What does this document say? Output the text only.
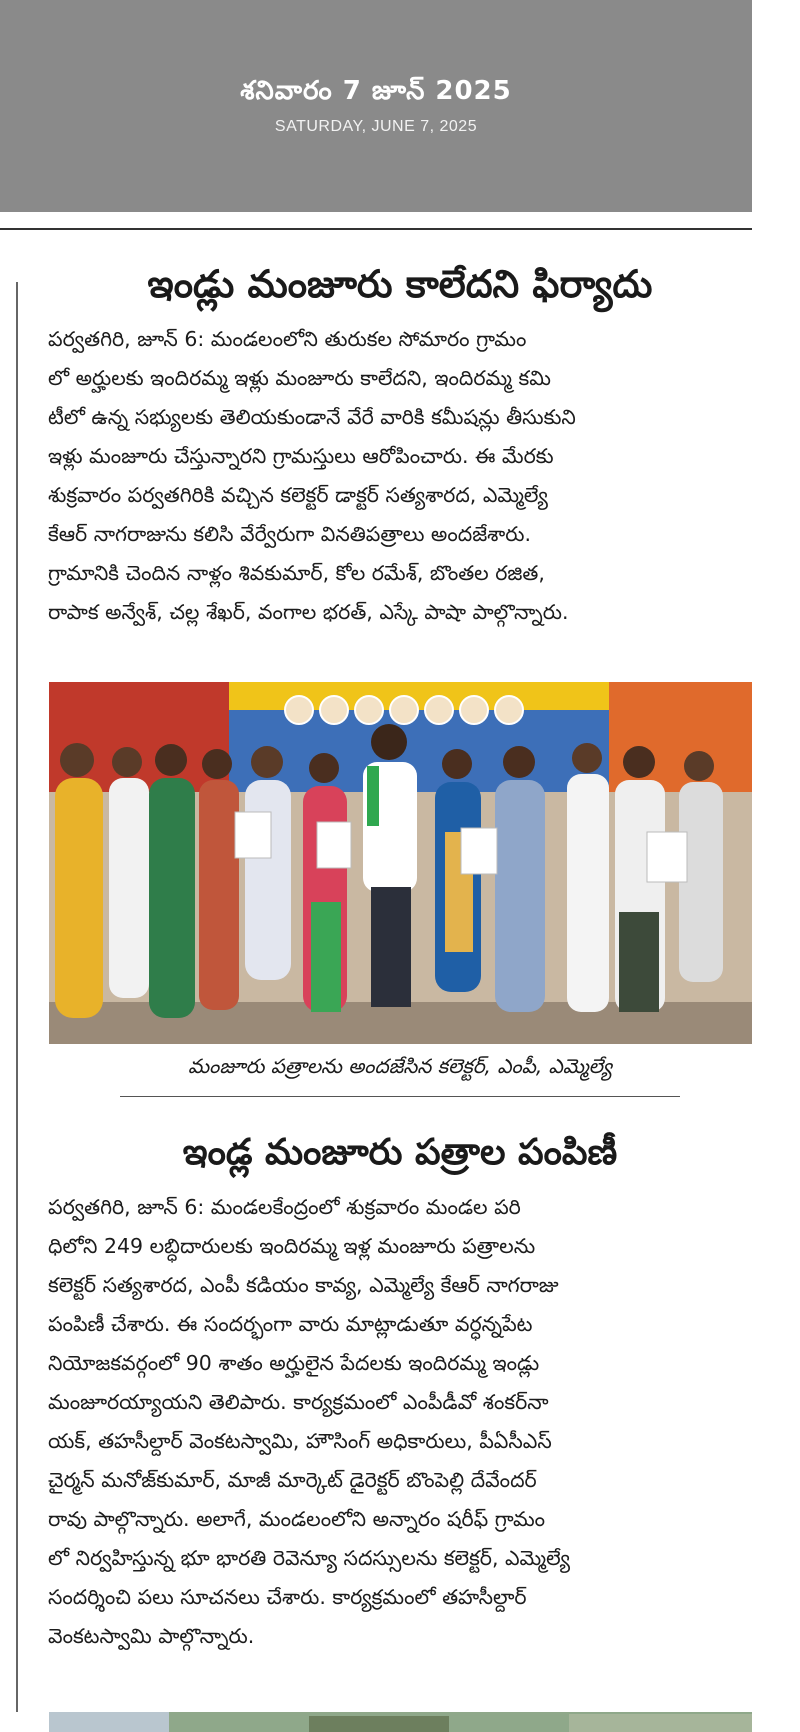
శనివారం 7 జూన్ 2025
SATURDAY, JUNE 7, 2025
ఇండ్లు మంజూరు కాలేదని ఫిర్యాదు

పర్వతగిరి, జూన్ 6: మండలంలోని తురుకల సోమారం గ్రామం

లో అర్హులకు ఇందిరమ్మ ఇళ్లు మంజూరు కాలేదని, ఇందిరమ్మ కమి

టీలో ఉన్న సభ్యులకు తెలియకుండానే వేరే వారికి కమీషన్లు తీసుకుని

ఇళ్లు మంజూరు చేస్తున్నారని గ్రామస్తులు ఆరోపించారు. ఈ మేరకు

శుక్రవారం పర్వతగిరికి వచ్చిన కలెక్టర్ డాక్టర్ సత్యశారద, ఎమ్మెల్యే

కేఆర్ నాగరాజును కలిసి వేర్వేరుగా వినతిపత్రాలు అందజేశారు.

గ్రామానికి చెందిన నాళ్లం శివకుమార్, కోల రమేశ్, బొంతల రజిత,

రాపాక అన్వేశ్, చల్ల శేఖర్, వంగాల భరత్, ఎస్కే పాషా పాల్గొన్నారు.

మంజూరు పత్రాలను అందజేసిన కలెక్టర్, ఎంపీ, ఎమ్మెల్యే
ఇండ్ల మంజూరు పత్రాల పంపిణీ

పర్వతగిరి, జూన్ 6: మండలకేంద్రంలో శుక్రవారం మండల పరి

ధిలోని 249 లబ్ధిదారులకు ఇందిరమ్మ ఇళ్ల మంజూరు పత్రాలను

కలెక్టర్ సత్యశారద, ఎంపీ కడియం కావ్య, ఎమ్మెల్యే కేఆర్ నాగరాజు

పంపిణీ చేశారు. ఈ సందర్భంగా వారు మాట్లాడుతూ వర్ధన్నపేట

నియోజకవర్గంలో 90 శాతం అర్హులైన పేదలకు ఇందిరమ్మ ఇండ్లు

మంజూరయ్యాయని తెలిపారు. కార్యక్రమంలో ఎంపీడీవో శంకర్‌నా

యక్, తహసీల్దార్ వెంకటస్వామి, హౌసింగ్ అధికారులు, పీఏసీఎస్

చైర్మన్ మనోజ్‌కుమార్, మాజీ మార్కెట్ డైరెక్టర్ బొంపెల్లి దేవేందర్

రావు పాల్గొన్నారు. అలాగే, మండలంలోని అన్నారం షరీఫ్ గ్రామం

లో నిర్వహిస్తున్న భూ భారతి రెవెన్యూ సదస్సులను కలెక్టర్, ఎమ్మెల్యే

సందర్శించి పలు సూచనలు చేశారు. కార్యక్రమంలో తహసీల్దార్

వెంకటస్వామి పాల్గొన్నారు.
